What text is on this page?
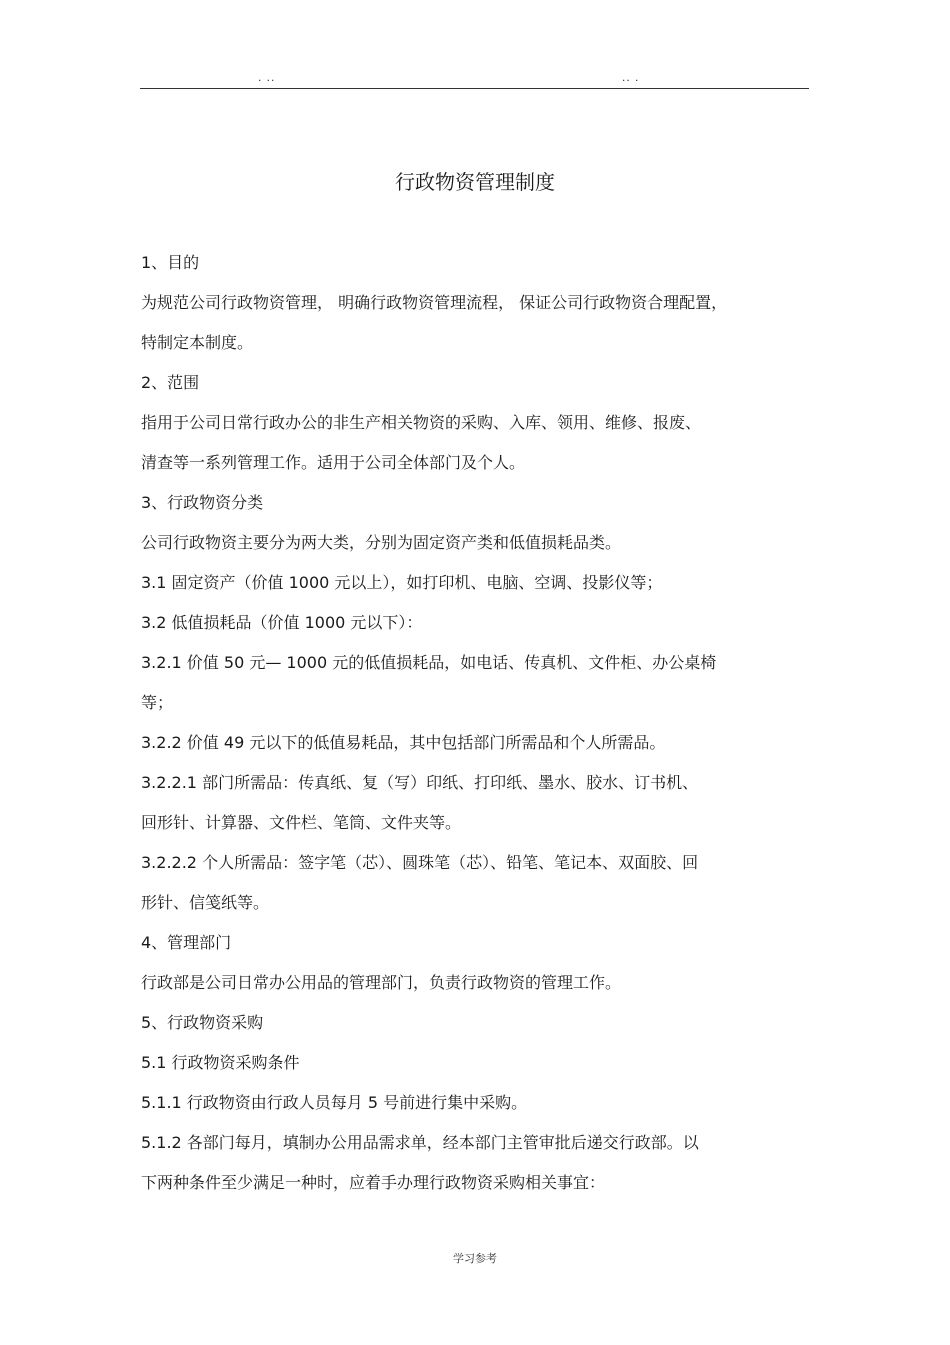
. ..	.. .
行政物资管理制度
1、目的
为规范公司行政物资管理， 明确行政物资管理流程， 保证公司行政物资合理配置，
特制定本制度。
2、范围
指用于公司日常行政办公的非生产相关物资的采购、入库、领用、维修、报废、
清查等一系列管理工作。适用于公司全体部门及个人。
3、行政物资分类
公司行政物资主要分为两大类，分别为固定资产类和低值损耗品类。
3.1 固定资产（价值 1000 元以上），如打印机、电脑、空调、投影仪等；
3.2 低值损耗品（价值 1000 元以下）：
3.2.1 价值 50 元— 1000 元的低值损耗品，如电话、传真机、文件柜、办公桌椅
等；
3.2.2 价值 49 元以下的低值易耗品，其中包括部门所需品和个人所需品。
3.2.2.1 部门所需品：传真纸、复（写）印纸、打印纸、墨水、胶水、订书机、
回形针、计算器、文件栏、笔筒、文件夹等。
3.2.2.2 个人所需品：签字笔（芯）、圆珠笔（芯）、铅笔、笔记本、双面胶、回
形针、信笺纸等。
4、管理部门
行政部是公司日常办公用品的管理部门，负责行政物资的管理工作。
5、行政物资采购
5.1 行政物资采购条件
5.1.1 行政物资由行政人员每月 5 号前进行集中采购。
5.1.2 各部门每月，填制办公用品需求单，经本部门主管审批后递交行政部。以
下两种条件至少满足一种时，应着手办理行政物资采购相关事宜：
学习参考
